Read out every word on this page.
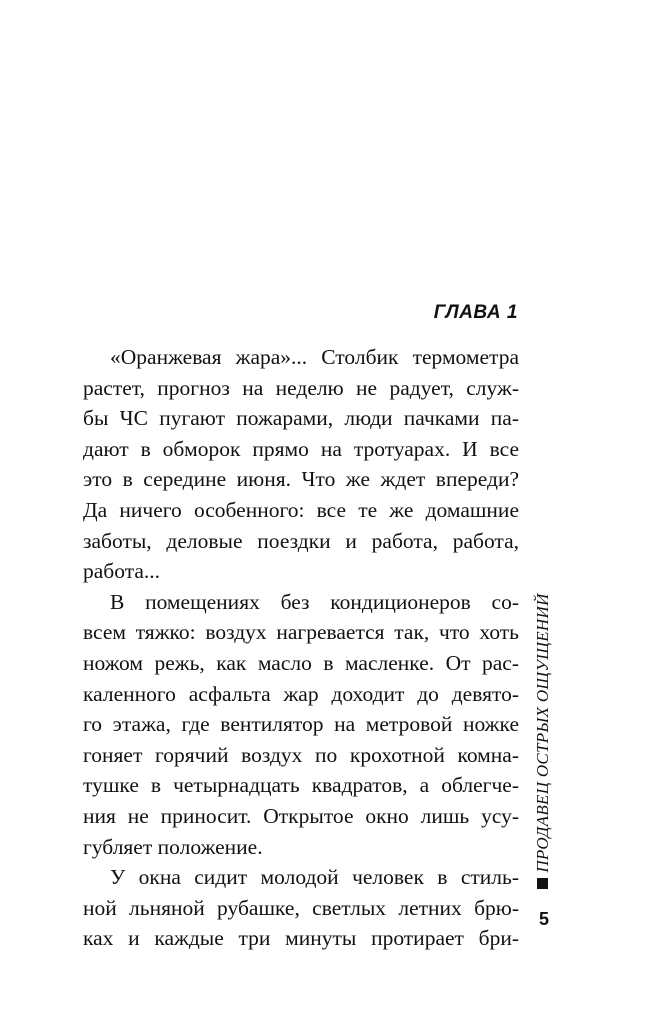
ГЛАВА 1
«Оранжевая жара»... Столбик термометра
растет, прогноз на неделю не радует, служ-
бы ЧС пугают пожарами, люди пачками па-
дают в обморок прямо на тротуарах. И все
это в середине июня. Что же ждет впереди?
Да ничего особенного: все те же домашние
заботы, деловые поездки и работа, работа,
работа...
В помещениях без кондиционеров со-
всем тяжко: воздух нагревается так, что хоть
ножом режь, как масло в масленке. От рас-
каленного асфальта жар доходит до девято-
го этажа, где вентилятор на метровой ножке
гоняет горячий воздух по крохотной комна-
тушке в четырнадцать квадратов, а облегче-
ния не приносит. Открытое окно лишь усу-
губляет положение.
У окна сидит молодой человек в стиль-
ной льняной рубашке, светлых летних брю-
ках и каждые три минуты протирает бри-
ПРОДАВЕЦ ОСТРЫХ ОЩУЩЕНИЙ
5
